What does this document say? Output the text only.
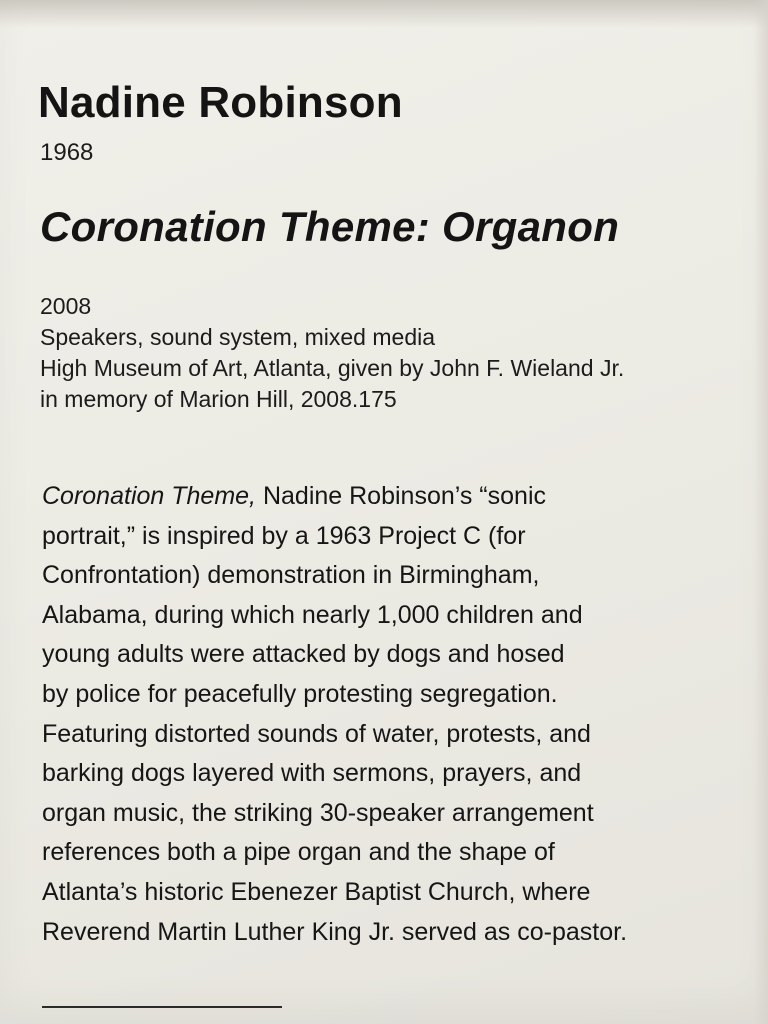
Nadine Robinson
1968
Coronation Theme: Organon
2008
Speakers, sound system, mixed media
High Museum of Art, Atlanta, given by John F. Wieland Jr.
in memory of Marion Hill, 2008.175
Coronation Theme, Nadine Robinson’s “sonic
portrait,” is inspired by a 1963 Project C (for
Confrontation) demonstration in Birmingham,
Alabama, during which nearly 1,000 children and
young adults were attacked by dogs and hosed
by police for peacefully protesting segregation.
Featuring distorted sounds of water, protests, and
barking dogs layered with sermons, prayers, and
organ music, the striking 30-speaker arrangement
references both a pipe organ and the shape of
Atlanta’s historic Ebenezer Baptist Church, where
Reverend Martin Luther King Jr. served as co-pastor.
